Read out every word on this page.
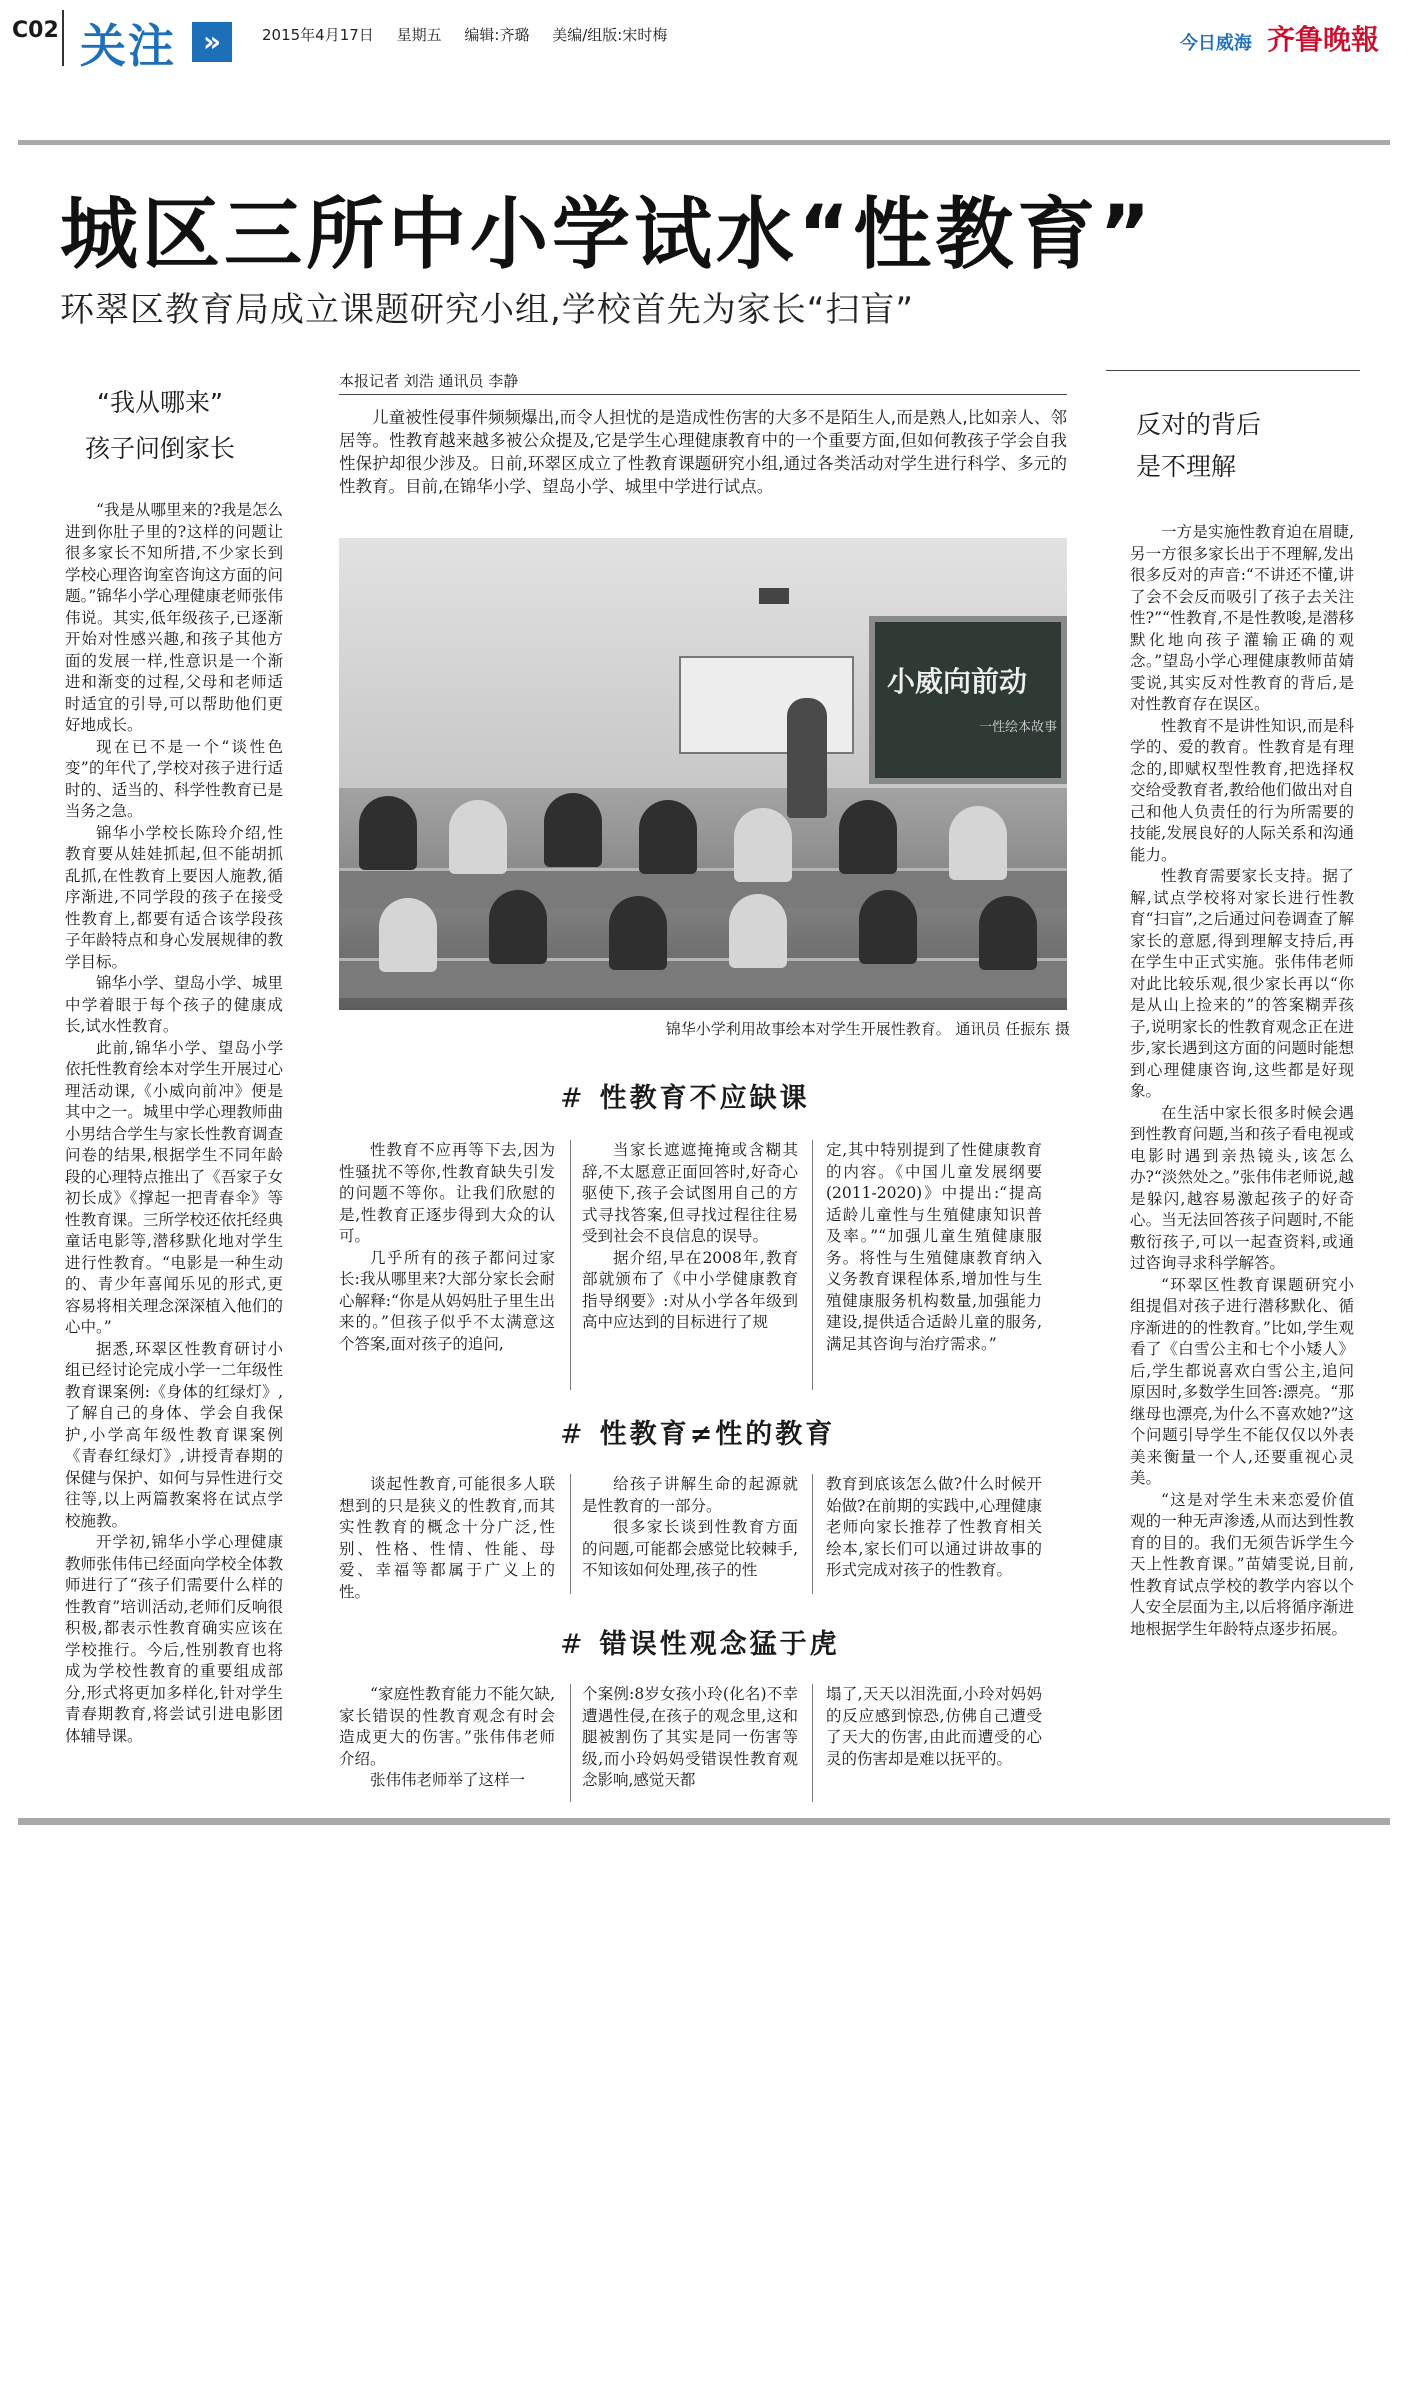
C02 关注 »	2015年4月17日 星期五 编辑:齐璐 美编/组版:宋时梅	今日威海 齐鲁晚報
城区三所中小学试水“性教育”
环翠区教育局成立课题研究小组,学校首先为家长“扫盲”
“我从哪来”
孩子问倒家长

“我是从哪里来的?我是怎么进到你肚子里的?这样的问题让很多家长不知所措,不少家长到学校心理咨询室咨询这方面的问题。”锦华小学心理健康老师张伟伟说。其实,低年级孩子,已逐渐开始对性感兴趣,和孩子其他方面的发展一样,性意识是一个渐进和渐变的过程,父母和老师适时适宜的引导,可以帮助他们更好地成长。

现在已不是一个“谈性色变”的年代了,学校对孩子进行适时的、适当的、科学性教育已是当务之急。

锦华小学校长陈玲介绍,性教育要从娃娃抓起,但不能胡抓乱抓,在性教育上要因人施教,循序渐进,不同学段的孩子在接受性教育上,都要有适合该学段孩子年龄特点和身心发展规律的教学目标。

锦华小学、望岛小学、城里中学着眼于每个孩子的健康成长,试水性教育。

此前,锦华小学、望岛小学依托性教育绘本对学生开展过心理活动课,《小威向前冲》便是其中之一。城里中学心理教师曲小男结合学生与家长性教育调查问卷的结果,根据学生不同年龄段的心理特点推出了《吾家子女初长成》《撑起一把青春伞》等性教育课。三所学校还依托经典童话电影等,潜移默化地对学生进行性教育。“电影是一种生动的、青少年喜闻乐见的形式,更容易将相关理念深深植入他们的心中。”

据悉,环翠区性教育研讨小组已经讨论完成小学一二年级性教育课案例:《身体的红绿灯》,了解自己的身体、学会自我保护,小学高年级性教育课案例《青春红绿灯》,讲授青春期的保健与保护、如何与异性进行交往等,以上两篇教案将在试点学校施教。

开学初,锦华小学心理健康教师张伟伟已经面向学校全体教师进行了“孩子们需要什么样的性教育”培训活动,老师们反响很积极,都表示性教育确实应该在学校推行。今后,性别教育也将成为学校性教育的重要组成部分,形式将更加多样化,针对学生青春期教育,将尝试引进电影团体辅导课。

本报记者 刘浩 通讯员 李静
儿童被性侵事件频频爆出,而令人担忧的是造成性伤害的大多不是陌生人,而是熟人,比如亲人、邻居等。性教育越来越多被公众提及,它是学生心理健康教育中的一个重要方面,但如何教孩子学会自我性保护却很少涉及。日前,环翠区成立了性教育课题研究小组,通过各类活动对学生进行科学、多元的性教育。目前,在锦华小学、望岛小学、城里中学进行试点。
小威向前动
一性绘本故事
锦华小学利用故事绘本对学生开展性教育。 通讯员 任振东 摄
# 性教育不应缺课

性教育不应再等下去,因为性骚扰不等你,性教育缺失引发的问题不等你。让我们欣慰的是,性教育正逐步得到大众的认可。

几乎所有的孩子都问过家长:我从哪里来?大部分家长会耐心解释:“你是从妈妈肚子里生出来的。”但孩子似乎不太满意这个答案,面对孩子的追问,

当家长遮遮掩掩或含糊其辞,不太愿意正面回答时,好奇心驱使下,孩子会试图用自己的方式寻找答案,但寻找过程往往易受到社会不良信息的误导。

据介绍,早在2008年,教育部就颁布了《中小学健康教育指导纲要》:对从小学各年级到高中应达到的目标进行了规

定,其中特别提到了性健康教育的内容。《中国儿童发展纲要(2011-2020)》中提出:“提高适龄儿童性与生殖健康知识普及率。”“加强儿童生殖健康服务。将性与生殖健康教育纳入义务教育课程体系,增加性与生殖健康服务机构数量,加强能力建设,提供适合适龄儿童的服务,满足其咨询与治疗需求。”

# 性教育≠性的教育

谈起性教育,可能很多人联想到的只是狭义的性教育,而其实性教育的概念十分广泛,性别、性格、性情、性能、母爱、幸福等都属于广义上的性。

给孩子讲解生命的起源就是性教育的一部分。

很多家长谈到性教育方面的问题,可能都会感觉比较棘手,不知该如何处理,孩子的性

教育到底该怎么做?什么时候开始做?在前期的实践中,心理健康老师向家长推荐了性教育相关绘本,家长们可以通过讲故事的形式完成对孩子的性教育。

# 错误性观念猛于虎

“家庭性教育能力不能欠缺,家长错误的性教育观念有时会造成更大的伤害。”张伟伟老师介绍。

张伟伟老师举了这样一

个案例:8岁女孩小玲(化名)不幸遭遇性侵,在孩子的观念里,这和腿被割伤了其实是同一伤害等级,而小玲妈妈受错误性教育观念影响,感觉天都

塌了,天天以泪洗面,小玲对妈妈的反应感到惊恐,仿佛自己遭受了天大的伤害,由此而遭受的心灵的伤害却是难以抚平的。

反对的背后
是不理解

一方是实施性教育迫在眉睫,另一方很多家长出于不理解,发出很多反对的声音:“不讲还不懂,讲了会不会反而吸引了孩子去关注性?”“性教育,不是性教唆,是潜移默化地向孩子灌输正确的观念。”望岛小学心理健康教师苗婧雯说,其实反对性教育的背后,是对性教育存在误区。

性教育不是讲性知识,而是科学的、爱的教育。性教育是有理念的,即赋权型性教育,把选择权交给受教育者,教给他们做出对自己和他人负责任的行为所需要的技能,发展良好的人际关系和沟通能力。

性教育需要家长支持。据了解,试点学校将对家长进行性教育“扫盲”,之后通过问卷调查了解家长的意愿,得到理解支持后,再在学生中正式实施。张伟伟老师对此比较乐观,很少家长再以“你是从山上捡来的”的答案糊弄孩子,说明家长的性教育观念正在进步,家长遇到这方面的问题时能想到心理健康咨询,这些都是好现象。

在生活中家长很多时候会遇到性教育问题,当和孩子看电视或电影时遇到亲热镜头,该怎么办?“淡然处之。”张伟伟老师说,越是躲闪,越容易激起孩子的好奇心。当无法回答孩子问题时,不能敷衍孩子,可以一起查资料,或通过咨询寻求科学解答。

“环翠区性教育课题研究小组提倡对孩子进行潜移默化、循序渐进的的性教育。”比如,学生观看了《白雪公主和七个小矮人》后,学生都说喜欢白雪公主,追问原因时,多数学生回答:漂亮。“那继母也漂亮,为什么不喜欢她?”这个问题引导学生不能仅仅以外表美来衡量一个人,还要重视心灵美。

“这是对学生未来恋爱价值观的一种无声渗透,从而达到性教育的目的。我们无须告诉学生今天上性教育课。”苗婧雯说,目前,性教育试点学校的教学内容以个人安全层面为主,以后将循序渐进地根据学生年龄特点逐步拓展。
